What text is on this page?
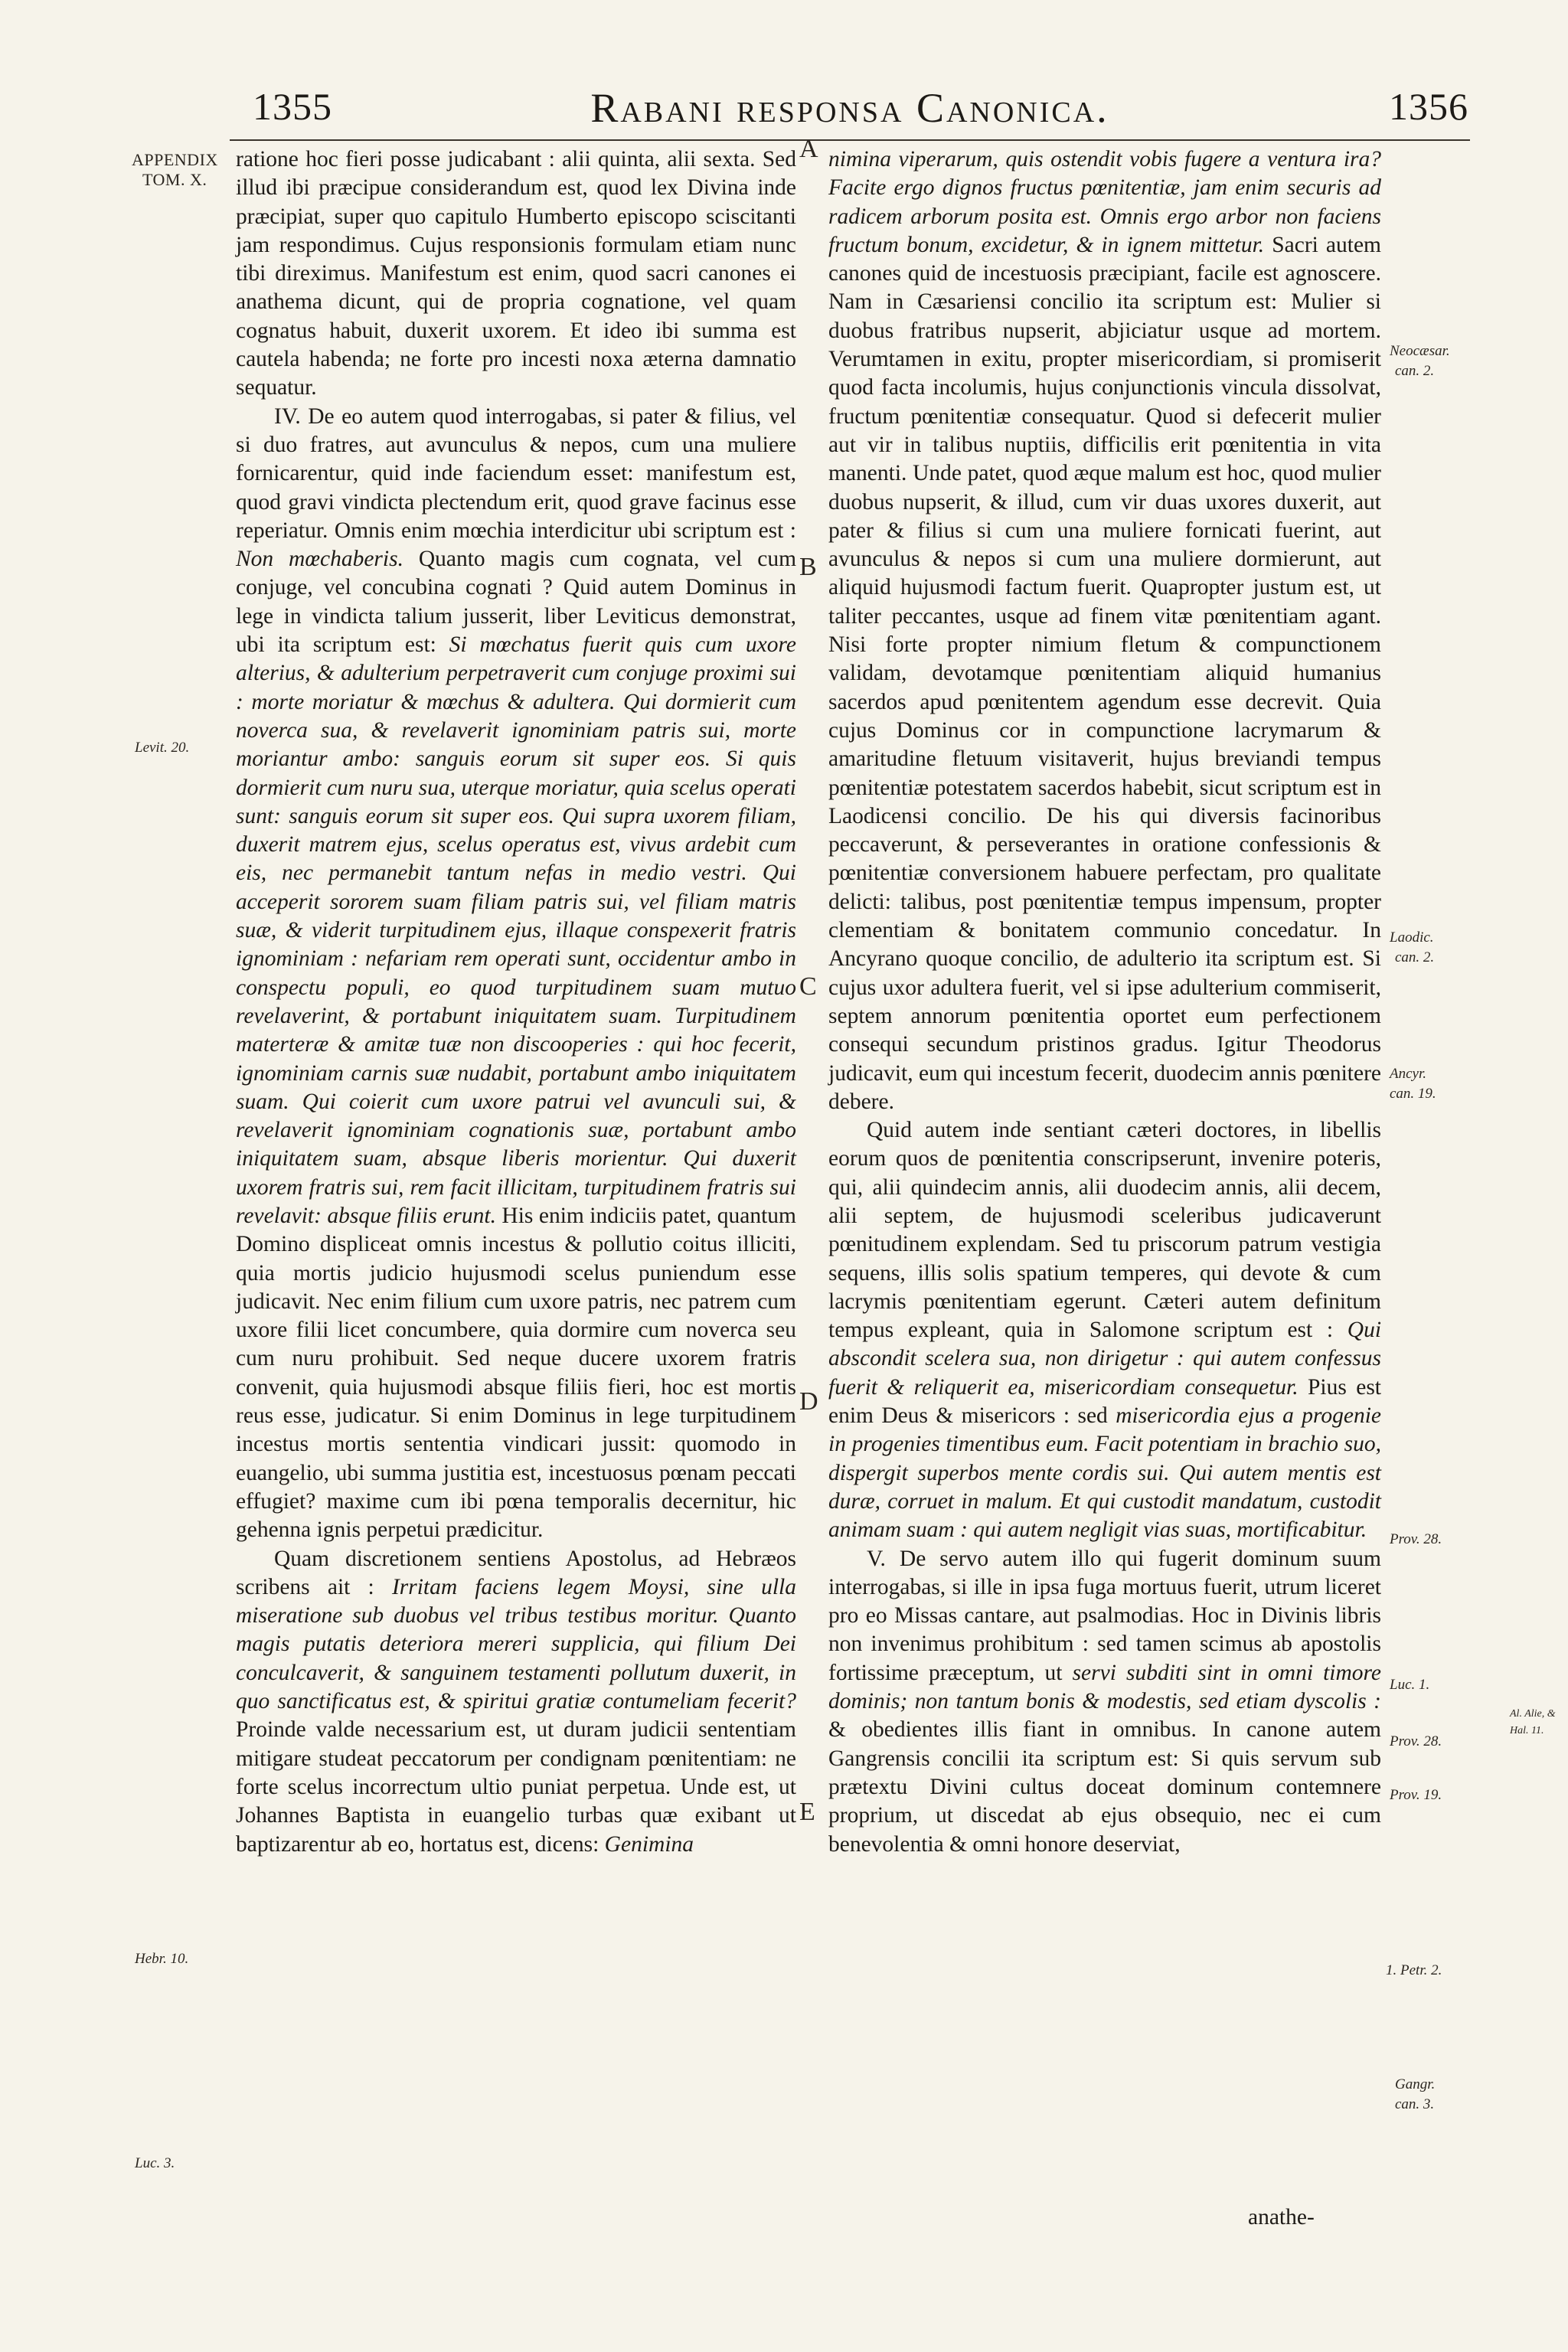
1355	Rabani responsa Canonica.	1356
APPENDIX
TOM. X.
Levit. 20.
Hebr. 10.
Luc. 3.
Neocæsar.
can. 2.
Laodic.
can. 2.
Ancyr.
can. 19.
Prov. 28.
Luc. 1.
Prov. 28.
Prov. 19.
1. Petr. 2.
Gangr.
can. 3.
Al. Alie, &
Hal. 11.
A
B
C
D
E

ratione hoc fieri posse judicabant : alii quinta, alii sexta. Sed illud ibi præcipue considerandum est, quod lex Divina inde præcipiat, super quo capitulo Humberto episcopo sciscitanti jam respondimus. Cujus responsionis formulam etiam nunc tibi direximus. Manifestum est enim, quod sacri canones ei anathema dicunt, qui de propria cognatione, vel quam cognatus habuit, duxerit uxorem. Et ideo ibi summa est cautela habenda; ne forte pro incesti noxa æterna damnatio sequatur.

IV. De eo autem quod interrogabas, si pater & filius, vel si duo fratres, aut avunculus & nepos, cum una muliere fornicarentur, quid inde faciendum esset: manifestum est, quod gravi vindicta plectendum erit, quod grave facinus esse reperiatur. Omnis enim mœchia interdicitur ubi scriptum est : Non mœchaberis. Quanto magis cum cognata, vel cum conjuge, vel concubina cognati ? Quid autem Dominus in lege in vindicta talium jusserit, liber Leviticus demonstrat, ubi ita scriptum est: Si mœchatus fuerit quis cum uxore alterius, & adulterium perpetraverit cum conjuge proximi sui : morte moriatur & mœchus & adultera. Qui dormierit cum noverca sua, & revelaverit ignominiam patris sui, morte moriantur ambo: sanguis eorum sit super eos. Si quis dormierit cum nuru sua, uterque moriatur, quia scelus operati sunt: sanguis eorum sit super eos. Qui supra uxorem filiam, duxerit matrem ejus, scelus operatus est, vivus ardebit cum eis, nec permanebit tantum nefas in medio vestri. Qui acceperit sororem suam filiam patris sui, vel filiam matris suæ, & viderit turpitudinem ejus, illaque conspexerit fratris ignominiam : nefariam rem operati sunt, occidentur ambo in conspectu populi, eo quod turpitudinem suam mutuo revelaverint, & portabunt iniquitatem suam. Turpitudinem materteræ & amitæ tuæ non discooperies : qui hoc fecerit, ignominiam carnis suæ nudabit, portabunt ambo iniquitatem suam. Qui coierit cum uxore patrui vel avunculi sui, & revelaverit ignominiam cognationis suæ, portabunt ambo iniquitatem suam, absque liberis morientur. Qui duxerit uxorem fratris sui, rem facit illicitam, turpitudinem fratris sui revelavit: absque filiis erunt. His enim indiciis patet, quantum Domino displiceat omnis incestus & pollutio coitus illiciti, quia mortis judicio hujusmodi scelus puniendum esse judicavit. Nec enim filium cum uxore patris, nec patrem cum uxore filii licet concumbere, quia dormire cum noverca seu cum nuru prohibuit. Sed neque ducere uxorem fratris convenit, quia hujusmodi absque filiis fieri, hoc est mortis reus esse, judicatur. Si enim Dominus in lege turpitudinem incestus mortis sententia vindicari jussit: quomodo in euangelio, ubi summa justitia est, incestuosus pœnam peccati effugiet? maxime cum ibi pœna temporalis decernitur, hic gehenna ignis perpetui prædicitur.

Quam discretionem sentiens Apostolus, ad Hebræos scribens ait : Irritam faciens legem Moysi, sine ulla miseratione sub duobus vel tribus testibus moritur. Quanto magis putatis deteriora mereri supplicia, qui filium Dei conculcaverit, & sanguinem testamenti pollutum duxerit, in quo sanctificatus est, & spiritui gratiæ contumeliam fecerit? Proinde valde necessarium est, ut duram judicii sententiam mitigare studeat peccatorum per condignam pœnitentiam: ne forte scelus incorrectum ultio puniat perpetua. Unde est, ut Johannes Baptista in euangelio turbas quæ exibant ut baptizarentur ab eo, hortatus est, dicens: Genimina

nimina viperarum, quis ostendit vobis fugere a ventura ira? Facite ergo dignos fructus pœnitentiæ, jam enim securis ad radicem arborum posita est. Omnis ergo arbor non faciens fructum bonum, excidetur, & in ignem mittetur. Sacri autem canones quid de incestuosis præcipiant, facile est agnoscere. Nam in Cæsariensi concilio ita scriptum est: Mulier si duobus fratribus nupserit, abjiciatur usque ad mortem. Verumtamen in exitu, propter misericordiam, si promiserit quod facta incolumis, hujus conjunctionis vincula dissolvat, fructum pœnitentiæ consequatur. Quod si defecerit mulier aut vir in talibus nuptiis, difficilis erit pœnitentia in vita manenti. Unde patet, quod æque malum est hoc, quod mulier duobus nupserit, & illud, cum vir duas uxores duxerit, aut pater & filius si cum una muliere fornicati fuerint, aut avunculus & nepos si cum una muliere dormierunt, aut aliquid hujusmodi factum fuerit. Quapropter justum est, ut taliter peccantes, usque ad finem vitæ pœnitentiam agant. Nisi forte propter nimium fletum & compunctionem validam, devotamque pœnitentiam aliquid humanius sacerdos apud pœnitentem agendum esse decrevit. Quia cujus Dominus cor in compunctione lacrymarum & amaritudine fletuum visitaverit, hujus breviandi tempus pœnitentiæ potestatem sacerdos habebit, sicut scriptum est in Laodicensi concilio. De his qui diversis facinoribus peccaverunt, & perseverantes in oratione confessionis & pœnitentiæ conversionem habuere perfectam, pro qualitate delicti: talibus, post pœnitentiæ tempus impensum, propter clementiam & bonitatem communio concedatur. In Ancyrano quoque concilio, de adulterio ita scriptum est. Si cujus uxor adultera fuerit, vel si ipse adulterium commiserit, septem annorum pœnitentia oportet eum perfectionem consequi secundum pristinos gradus. Igitur Theodorus judicavit, eum qui incestum fecerit, duodecim annis pœnitere debere.

Quid autem inde sentiant cæteri doctores, in libellis eorum quos de pœnitentia conscripserunt, invenire poteris, qui, alii quindecim annis, alii duodecim annis, alii decem, alii septem, de hujusmodi sceleribus judicaverunt pœnitudinem explendam. Sed tu priscorum patrum vestigia sequens, illis solis spatium temperes, qui devote & cum lacrymis pœnitentiam egerunt. Cæteri autem definitum tempus expleant, quia in Salomone scriptum est : Qui abscondit scelera sua, non dirigetur : qui autem confessus fuerit & reliquerit ea, misericordiam consequetur. Pius est enim Deus & misericors : sed misericordia ejus a progenie in progenies timentibus eum. Facit potentiam in brachio suo, dispergit superbos mente cordis sui. Qui autem mentis est duræ, corruet in malum. Et qui custodit mandatum, custodit animam suam : qui autem negligit vias suas, mortificabitur.

V. De servo autem illo qui fugerit dominum suum interrogabas, si ille in ipsa fuga mortuus fuerit, utrum liceret pro eo Missas cantare, aut psalmodias. Hoc in Divinis libris non invenimus prohibitum : sed tamen scimus ab apostolis fortissime præceptum, ut servi subditi sint in omni timore dominis; non tantum bonis & modestis, sed etiam dyscolis : & obedientes illis fiant in omnibus. In canone autem Gangrensis concilii ita scriptum est: Si quis servum sub prætextu Divini cultus doceat dominum contemnere proprium, ut discedat ab ejus obsequio, nec ei cum benevolentia & omni honore deserviat,

anathe-
